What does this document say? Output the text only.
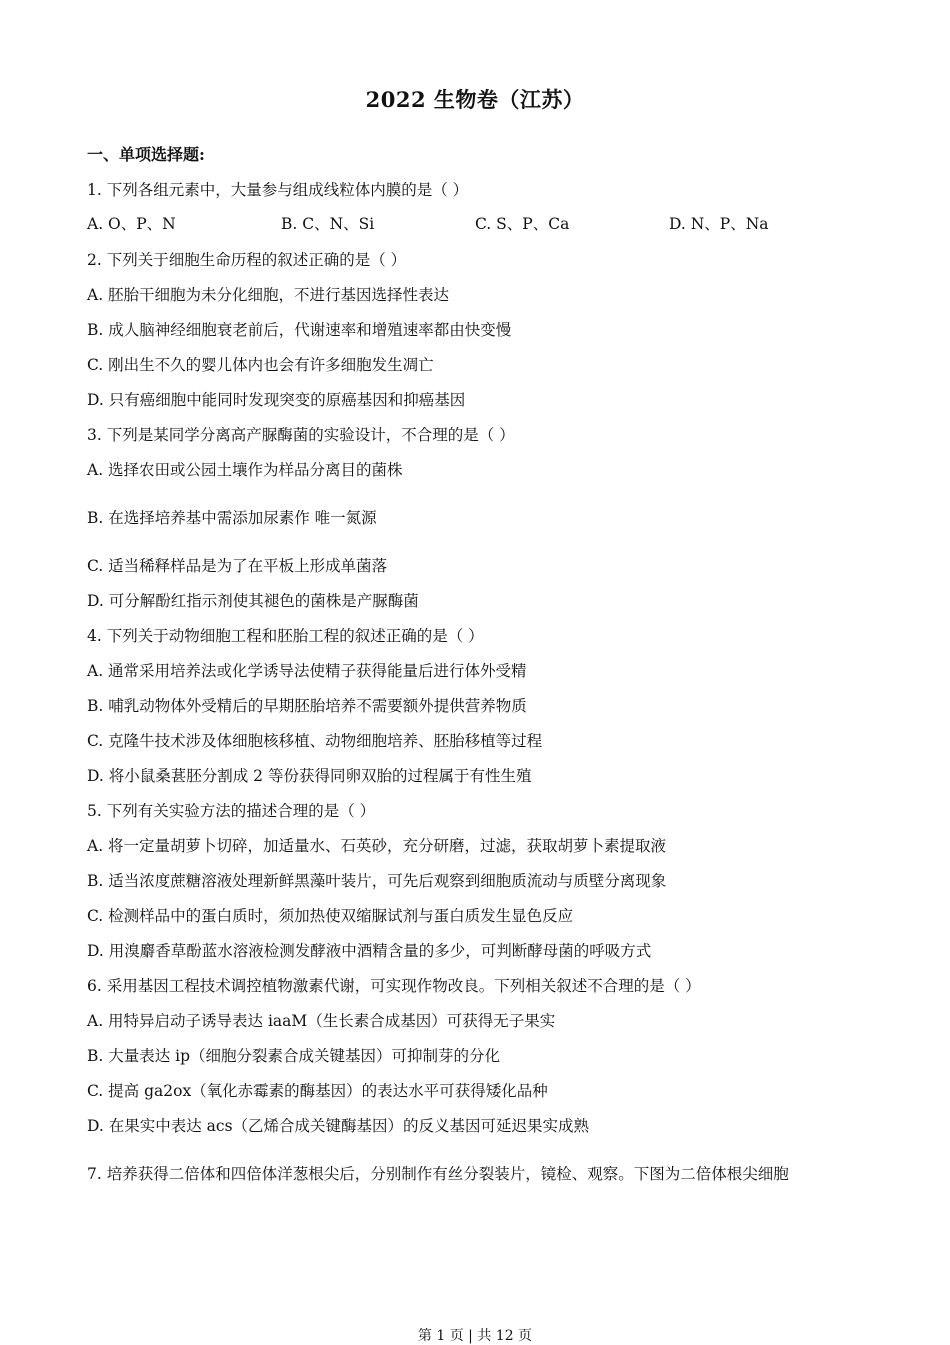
2022 生物卷（江苏）
一、单项选择题:
1. 下列各组元素中，大量参与组成线粒体内膜的是（ ）
A. O、P、N	B. C、N、Si	C. S、P、Ca	D. N、P、Na
2. 下列关于细胞生命历程的叙述正确的是（ ）
A. 胚胎干细胞为未分化细胞，不进行基因选择性表达
B. 成人脑神经细胞衰老前后，代谢速率和增殖速率都由快变慢
C. 刚出生不久的婴儿体内也会有许多细胞发生凋亡
D. 只有癌细胞中能同时发现突变的原癌基因和抑癌基因
3. 下列是某同学分离高产脲酶菌的实验设计，不合理的是（ ）
A. 选择农田或公园土壤作为样品分离目的菌株
B. 在选择培养基中需添加尿素作 唯一氮源
C. 适当稀释样品是为了在平板上形成单菌落
D. 可分解酚红指示剂使其褪色的菌株是产脲酶菌
4. 下列关于动物细胞工程和胚胎工程的叙述正确的是（ ）
A. 通常采用培养法或化学诱导法使精子获得能量后进行体外受精
B. 哺乳动物体外受精后的早期胚胎培养不需要额外提供营养物质
C. 克隆牛技术涉及体细胞核移植、动物细胞培养、胚胎移植等过程
D. 将小鼠桑葚胚分割成 2 等份获得同卵双胎的过程属于有性生殖
5. 下列有关实验方法的描述合理的是（ ）
A. 将一定量胡萝卜切碎，加适量水、石英砂，充分研磨，过滤，获取胡萝卜素提取液
B. 适当浓度蔗糖溶液处理新鲜黑藻叶装片，可先后观察到细胞质流动与质壁分离现象
C. 检测样品中的蛋白质时，须加热使双缩脲试剂与蛋白质发生显色反应
D. 用溴麝香草酚蓝水溶液检测发酵液中酒精含量的多少，可判断酵母菌的呼吸方式
6. 采用基因工程技术调控植物激素代谢，可实现作物改良。下列相关叙述不合理的是（ ）
A. 用特异启动子诱导表达 iaaM（生长素合成基因）可获得无子果实
B. 大量表达 ip（细胞分裂素合成关键基因）可抑制芽的分化
C. 提高 ga2ox（氧化赤霉素的酶基因）的表达水平可获得矮化品种
D. 在果实中表达 acs（乙烯合成关键酶基因）的反义基因可延迟果实成熟
7. 培养获得二倍体和四倍体洋葱根尖后，分别制作有丝分裂装片，镜检、观察。下图为二倍体根尖细胞
第 1 页 | 共 12 页
